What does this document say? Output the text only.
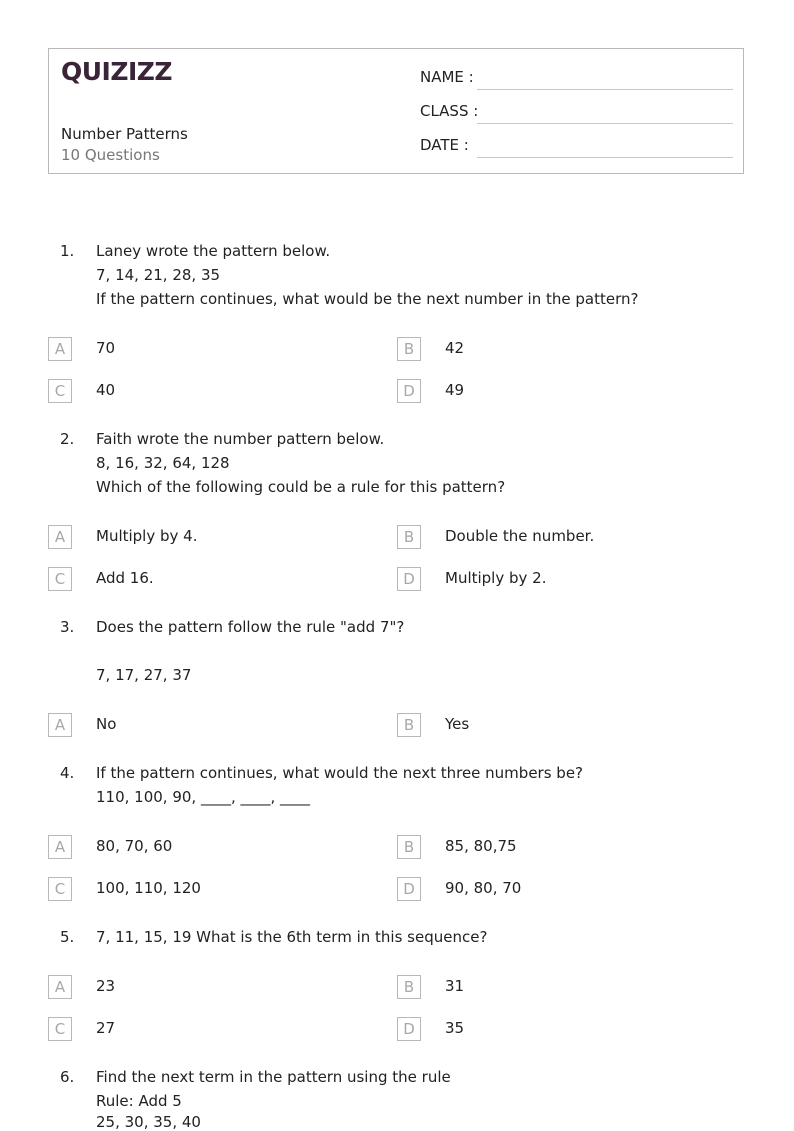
QUIZIZZ
Number Patterns
10 Questions
NAME :
CLASS :
DATE :
1. Laney wrote the pattern below.
7, 14, 21, 28, 35
If the pattern continues, what would be the next number in the pattern?
A	70	B	42
C	40	D	49
2. Faith wrote the number pattern below.
8, 16, 32, 64, 128
Which of the following could be a rule for this pattern?
A	Multiply by 4.	B	Double the number.
C	Add 16.	D	Multiply by 2.
3. Does the pattern follow the rule "add 7"?
7, 17, 27, 37
A	No	B	Yes
4. If the pattern continues, what would the next three numbers be?
110, 100, 90, ____, ____, ____
A	80, 70, 60	B	85, 80,75
C	100, 110, 120	D	90, 80, 70
5. 7, 11, 15, 19 What is the 6th term in this sequence?
A	23	B	31
C	27	D	35
6. Find the next term in the pattern using the rule
Rule: Add 5
25, 30, 35, 40
